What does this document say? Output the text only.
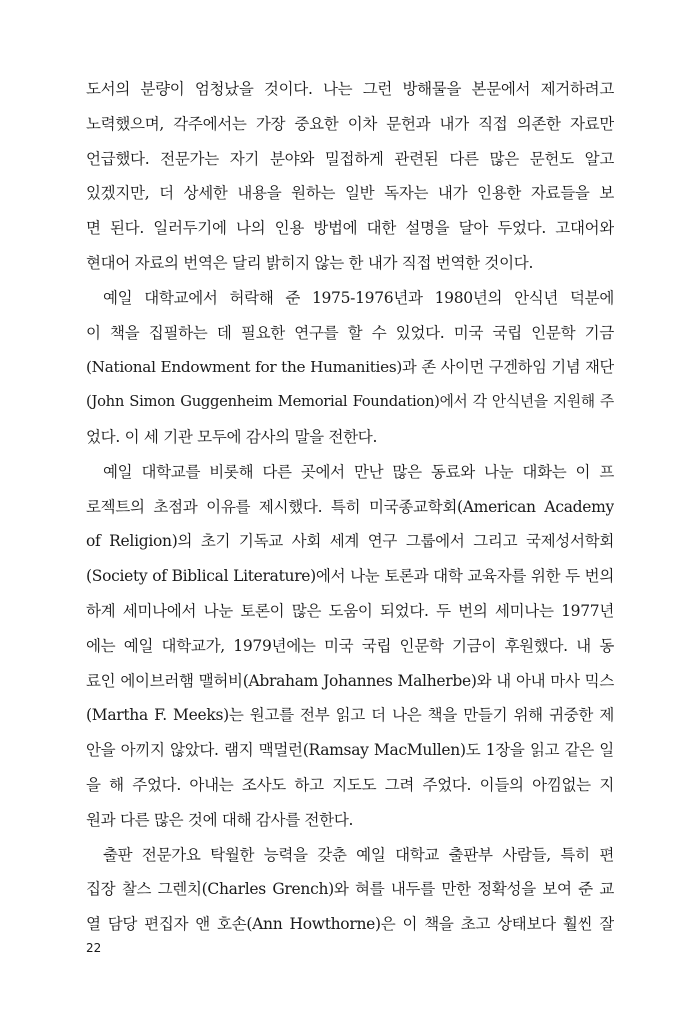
도서의 분량이 엄청났을 것이다. 나는 그런 방해물을 본문에서 제거하려고
노력했으며, 각주에서는 가장 중요한 이차 문헌과 내가 직접 의존한 자료만
언급했다. 전문가는 자기 분야와 밀접하게 관련된 다른 많은 문헌도 알고
있겠지만, 더 상세한 내용을 원하는 일반 독자는 내가 인용한 자료들을 보
면 된다. 일러두기에 나의 인용 방법에 대한 설명을 달아 두었다. 고대어와
현대어 자료의 번역은 달리 밝히지 않는 한 내가 직접 번역한 것이다.
예일 대학교에서 허락해 준 1975-1976년과 1980년의 안식년 덕분에
이 책을 집필하는 데 필요한 연구를 할 수 있었다. 미국 국립 인문학 기금
(National Endowment for the Humanities)과 존 사이먼 구겐하임 기념 재단
(John Simon Guggenheim Memorial Foundation)에서 각 안식년을 지원해 주
었다. 이 세 기관 모두에 감사의 말을 전한다.
예일 대학교를 비롯해 다른 곳에서 만난 많은 동료와 나눈 대화는 이 프
로젝트의 초점과 이유를 제시했다. 특히 미국종교학회(American Academy
of Religion)의 초기 기독교 사회 세계 연구 그룹에서 그리고 국제성서학회
(Society of Biblical Literature)에서 나눈 토론과 대학 교육자를 위한 두 번의
하계 세미나에서 나눈 토론이 많은 도움이 되었다. 두 번의 세미나는 1977년
에는 예일 대학교가, 1979년에는 미국 국립 인문학 기금이 후원했다. 내 동
료인 에이브러햄 맬허비(Abraham Johannes Malherbe)와 내 아내 마사 믹스
(Martha F. Meeks)는 원고를 전부 읽고 더 나은 책을 만들기 위해 귀중한 제
안을 아끼지 않았다. 램지 맥멀런(Ramsay MacMullen)도 1장을 읽고 같은 일
을 해 주었다. 아내는 조사도 하고 지도도 그려 주었다. 이들의 아낌없는 지
원과 다른 많은 것에 대해 감사를 전한다.
출판 전문가요 탁월한 능력을 갖춘 예일 대학교 출판부 사람들, 특히 편
집장 찰스 그렌치(Charles Grench)와 혀를 내두를 만한 정확성을 보여 준 교
열 담당 편집자 앤 호손(Ann Howthorne)은 이 책을 초고 상태보다 훨씬 잘
22
